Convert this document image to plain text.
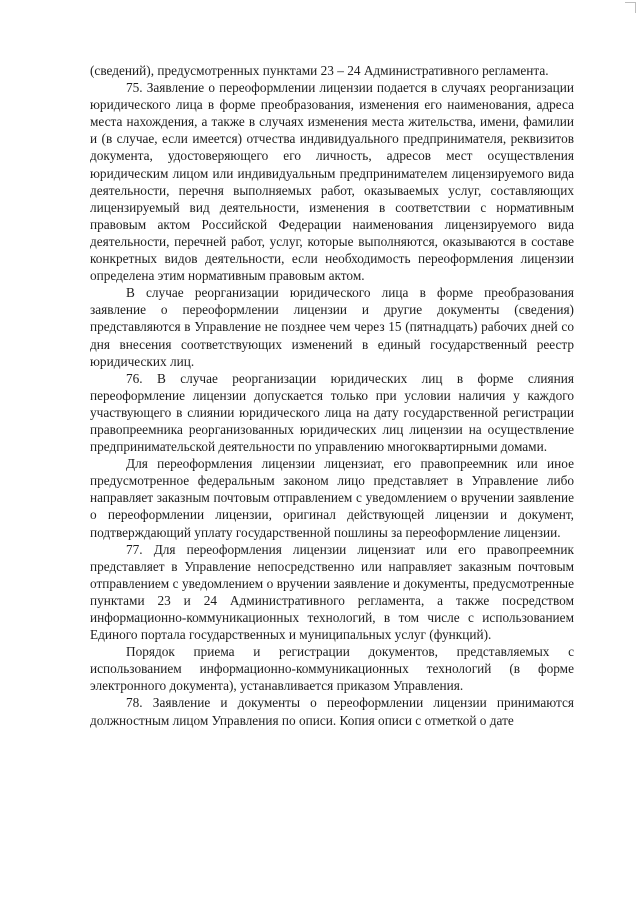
(сведений), предусмотренных пунктами 23 – 24 Административного регламента.

75. Заявление о переоформлении лицензии подается в случаях реорганизации юридического лица в форме преобразования, изменения его наименования, адреса места нахождения, а также в случаях изменения места жительства, имени, фамилии и (в случае, если имеется) отчества индивидуального предпринимателя, реквизитов документа, удостоверяющего его личность, адресов мест осуществления юридическим лицом или индивидуальным предпринимателем лицензируемого вида деятельности, перечня выполняемых работ, оказываемых услуг, составляющих лицензируемый вид деятельности, изменения в соответствии с нормативным правовым актом Российской Федерации наименования лицензируемого вида деятельности, перечней работ, услуг, которые выполняются, оказываются в составе конкретных видов деятельности, если необходимость переоформления лицензии определена этим нормативным правовым актом.

В случае реорганизации юридического лица в форме преобразования заявление о переоформлении лицензии и другие документы (сведения) представляются в Управление не позднее чем через 15 (пятнадцать) рабочих дней со дня внесения соответствующих изменений в единый государственный реестр юридических лиц.

76. В случае реорганизации юридических лиц в форме слияния переоформление лицензии допускается только при условии наличия у каждого участвующего в слиянии юридического лица на дату государственной регистрации правопреемника реорганизованных юридических лиц лицензии на осуществление предпринимательской деятельности по управлению многоквартирными домами.

Для переоформления лицензии лицензиат, его правопреемник или иное предусмотренное федеральным законом лицо представляет в Управление либо направляет заказным почтовым отправлением с уведомлением о вручении заявление о переоформлении лицензии, оригинал действующей лицензии и документ, подтверждающий уплату государственной пошлины за переоформление лицензии.

77. Для переоформления лицензии лицензиат или его правопреемник представляет в Управление непосредственно или направляет заказным почтовым отправлением с уведомлением о вручении заявление и документы, предусмотренные пунктами 23 и 24 Административного регламента, а также посредством информационно-коммуникационных технологий, в том числе с использованием Единого портала государственных и муниципальных услуг (функций).

Порядок приема и регистрации документов, представляемых с использованием информационно-коммуникационных технологий (в форме электронного документа), устанавливается приказом Управления.

78. Заявление и документы о переоформлении лицензии принимаются должностным лицом Управления по описи. Копия описи с отметкой о дате
